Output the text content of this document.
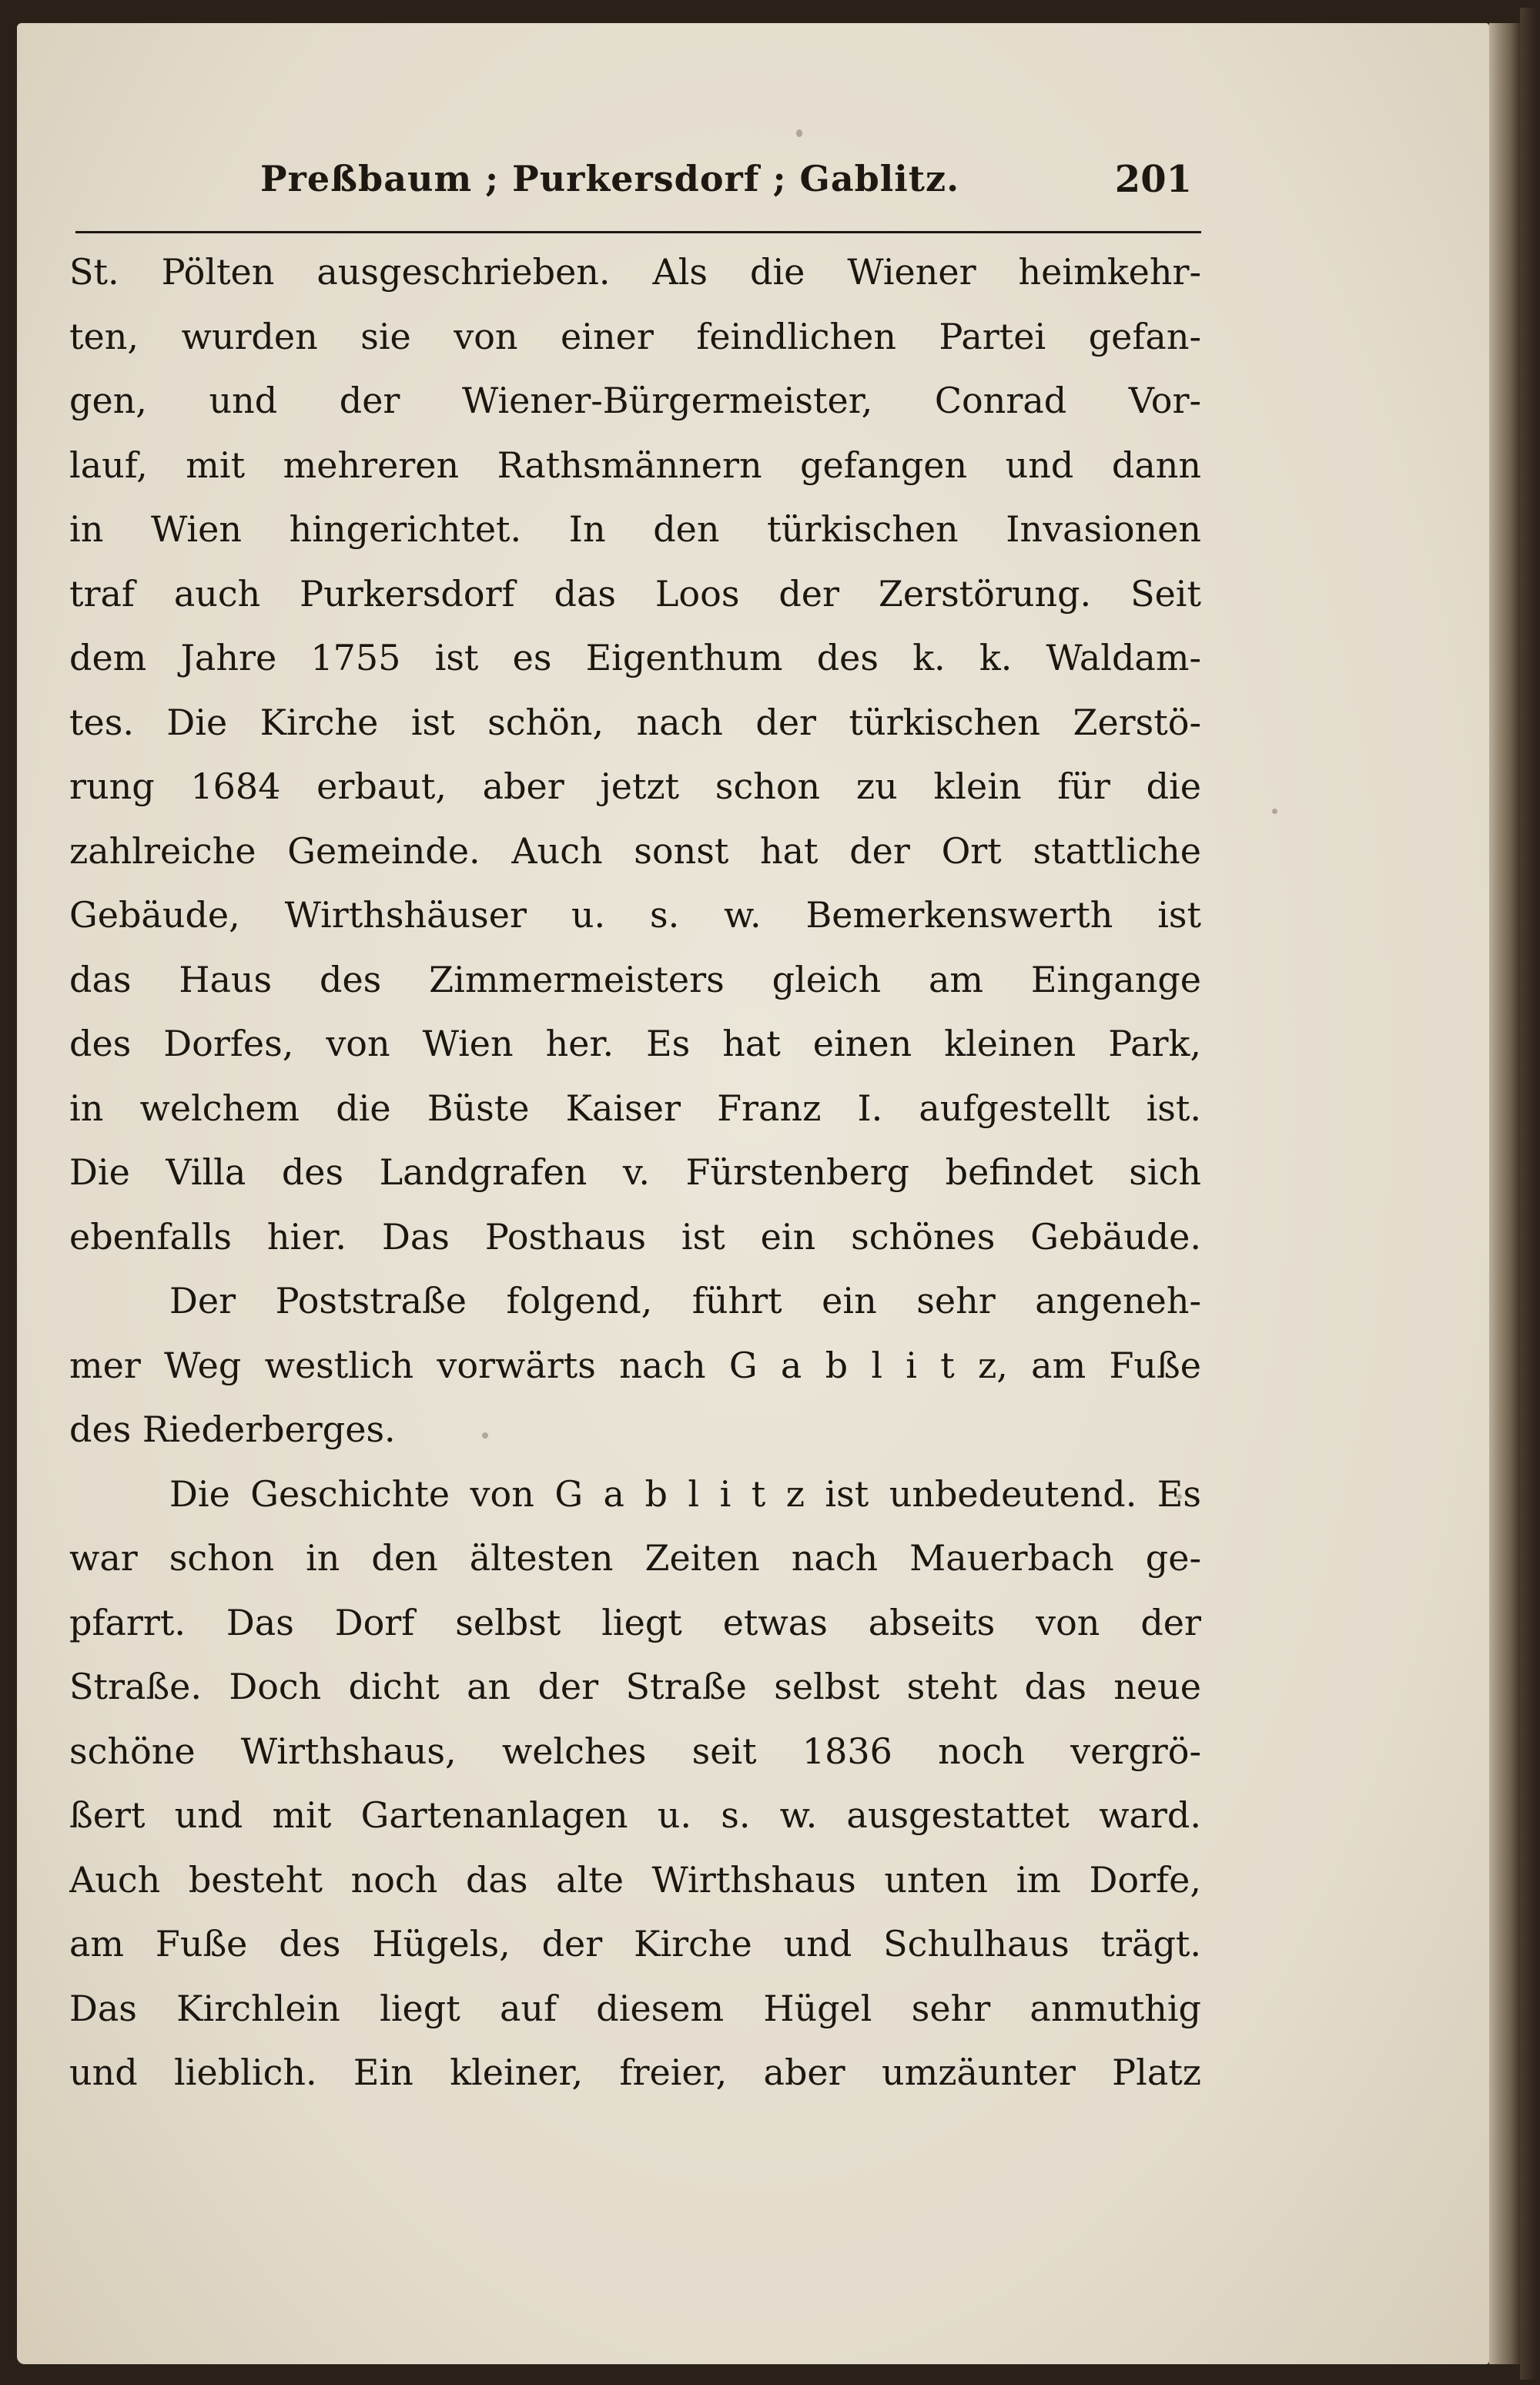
Preßbaum ; Purkersdorf ; Gablitz.	201
St. Pölten ausgeschrieben. Als die Wiener heimkehr-
ten, wurden sie von einer feindlichen Partei gefan-
gen, und der Wiener-Bürgermeister, Conrad Vor-
lauf, mit mehreren Rathsmännern gefangen und dann
in Wien hingerichtet. In den türkischen Invasionen
traf auch Purkersdorf das Loos der Zerstörung. Seit
dem Jahre 1755 ist es Eigenthum des k. k. Waldam-
tes. Die Kirche ist schön, nach der türkischen Zerstö-
rung 1684 erbaut, aber jetzt schon zu klein für die
zahlreiche Gemeinde. Auch sonst hat der Ort stattliche
Gebäude, Wirthshäuser u. s. w. Bemerkenswerth ist
das Haus des Zimmermeisters gleich am Eingange
des Dorfes, von Wien her. Es hat einen kleinen Park,
in welchem die Büste Kaiser Franz I. aufgestellt ist.
Die Villa des Landgrafen v. Fürstenberg befindet sich
ebenfalls hier. Das Posthaus ist ein schönes Gebäude.
Der Poststraße folgend, führt ein sehr angeneh-
mer Weg westlich vorwärts nach G a b l i t z, am Fuße
des Riederberges.
Die Geschichte von G a b l i t z ist unbedeutend. Es
war schon in den ältesten Zeiten nach Mauerbach ge-
pfarrt. Das Dorf selbst liegt etwas abseits von der
Straße. Doch dicht an der Straße selbst steht das neue
schöne Wirthshaus, welches seit 1836 noch vergrö-
ßert und mit Gartenanlagen u. s. w. ausgestattet ward.
Auch besteht noch das alte Wirthshaus unten im Dorfe,
am Fuße des Hügels, der Kirche und Schulhaus trägt.
Das Kirchlein liegt auf diesem Hügel sehr anmuthig
und lieblich. Ein kleiner, freier, aber umzäunter Platz
